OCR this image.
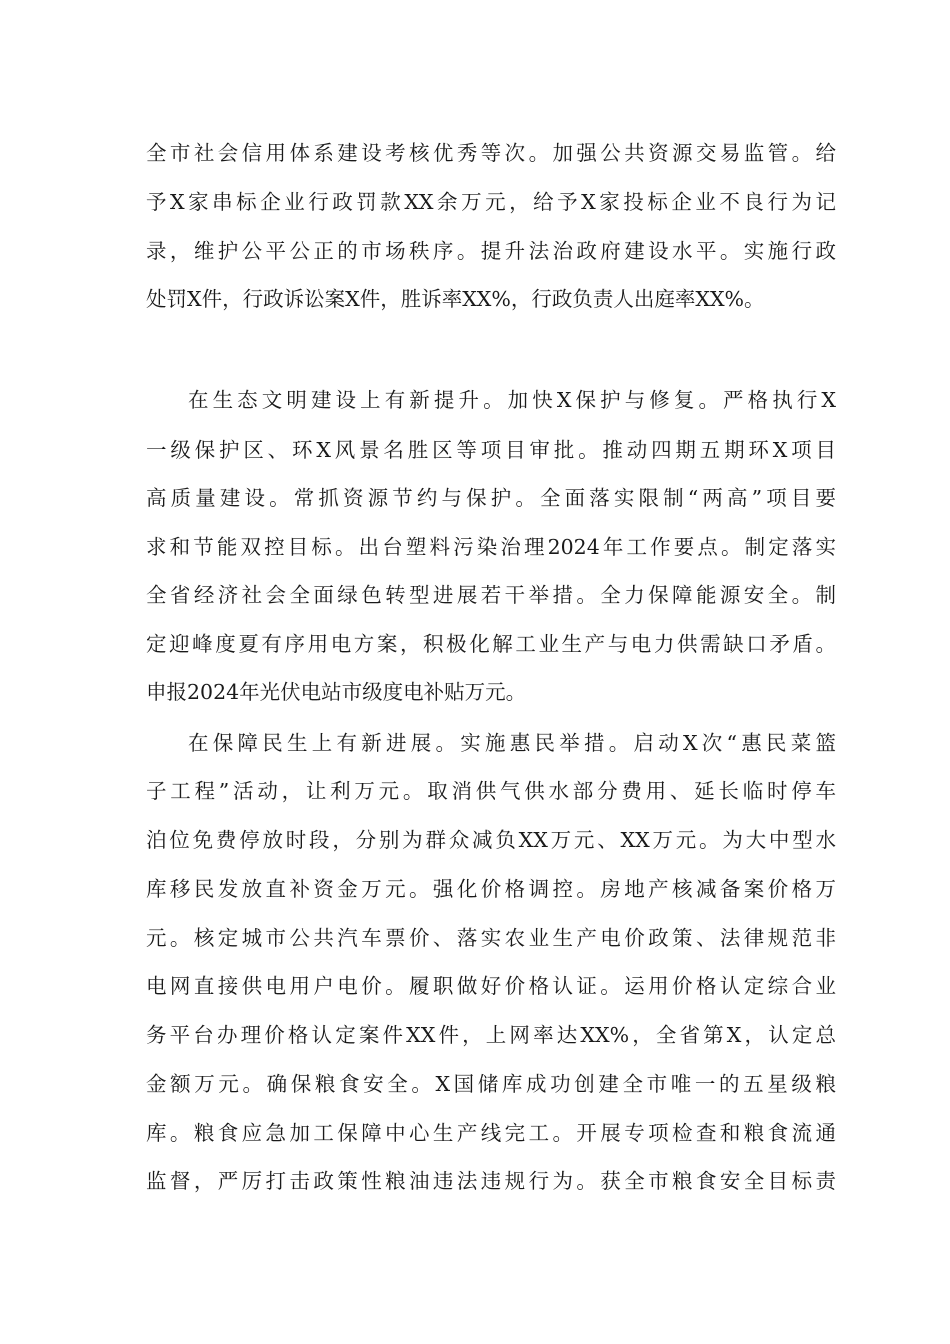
全市社会信用体系建设考核优秀等次。加强公共资源交易监管。给
予X家串标企业行政罚款XX余万元，给予X家投标企业不良行为记
录，维护公平公正的市场秩序。提升法治政府建设水平。实施行政
处罚X件，行政诉讼案X件，胜诉率XX%，行政负责人出庭率XX%。
在生态文明建设上有新提升。加快X保护与修复。严格执行X
一级保护区、环X风景名胜区等项目审批。推动四期五期环X项目
高质量建设。常抓资源节约与保护。全面落实限制“两高”项目要
求和节能双控目标。出台塑料污染治理2024年工作要点。制定落实
全省经济社会全面绿色转型进展若干举措。全力保障能源安全。制
定迎峰度夏有序用电方案，积极化解工业生产与电力供需缺口矛盾。
申报2024年光伏电站市级度电补贴万元。
在保障民生上有新进展。实施惠民举措。启动X次“惠民菜篮
子工程”活动，让利万元。取消供气供水部分费用、延长临时停车
泊位免费停放时段，分别为群众减负XX万元、XX万元。为大中型水
库移民发放直补资金万元。强化价格调控。房地产核减备案价格万
元。核定城市公共汽车票价、落实农业生产电价政策、法律规范非
电网直接供电用户电价。履职做好价格认证。运用价格认定综合业
务平台办理价格认定案件XX件，上网率达XX%，全省第X，认定总
金额万元。确保粮食安全。X国储库成功创建全市唯一的五星级粮
库。粮食应急加工保障中心生产线完工。开展专项检查和粮食流通
监督，严厉打击政策性粮油违法违规行为。获全市粮食安全目标责
